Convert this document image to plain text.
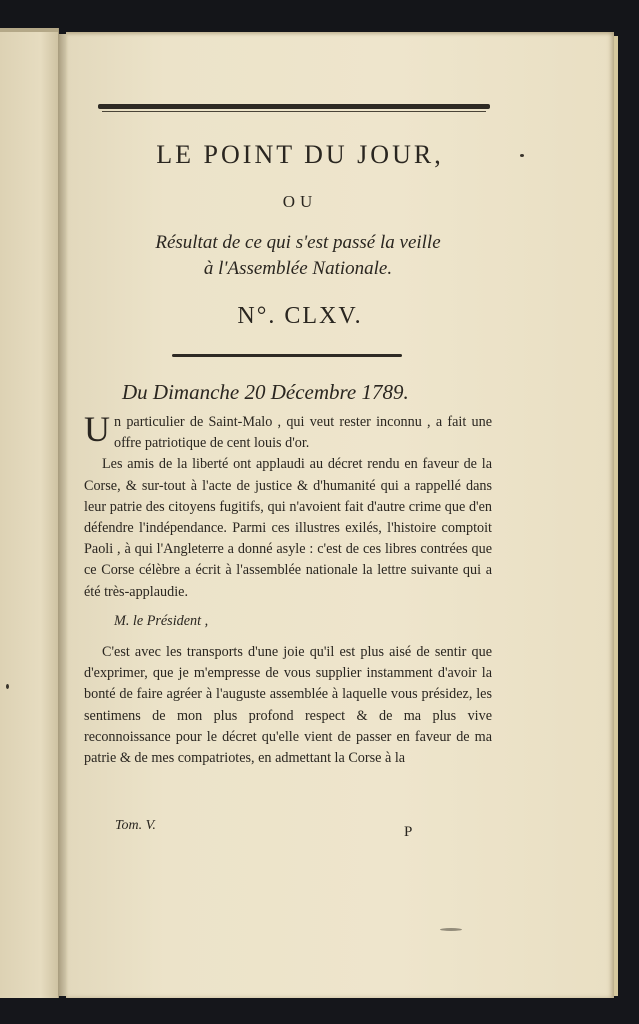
LE POINT DU JOUR,
OU
Résultat de ce qui s'est passé la veille
à l'Assemblée Nationale.
N°. CLXV.
Du Dimanche 20 Décembre 1789.

Un particulier de Saint-Malo , qui veut rester inconnu , a fait une offre patriotique de cent louis d'or.

Les amis de la liberté ont applaudi au décret rendu en faveur de la Corse, & sur-tout à l'acte de justice & d'humanité qui a rappellé dans leur patrie des citoyens fugitifs, qui n'avoient fait d'autre crime que d'en défendre l'indépendance. Parmi ces illustres exilés, l'histoire comptoit Paoli , à qui l'Angleterre a donné asyle : c'est de ces libres contrées que ce Corse célèbre a écrit à l'assemblée nationale la lettre suivante qui a été très-applaudie.

M. le Président ,

C'est avec les transports d'une joie qu'il est plus aisé de sentir que d'exprimer, que je m'empresse de vous supplier instamment d'avoir la bonté de faire agréer à l'auguste assemblée à laquelle vous présidez, les sentimens de mon plus profond respect & de ma plus vive reconnoissance pour le décret qu'elle vient de passer en faveur de ma patrie & de mes compatriotes, en admettant la Corse à la

Tom. V.	P
